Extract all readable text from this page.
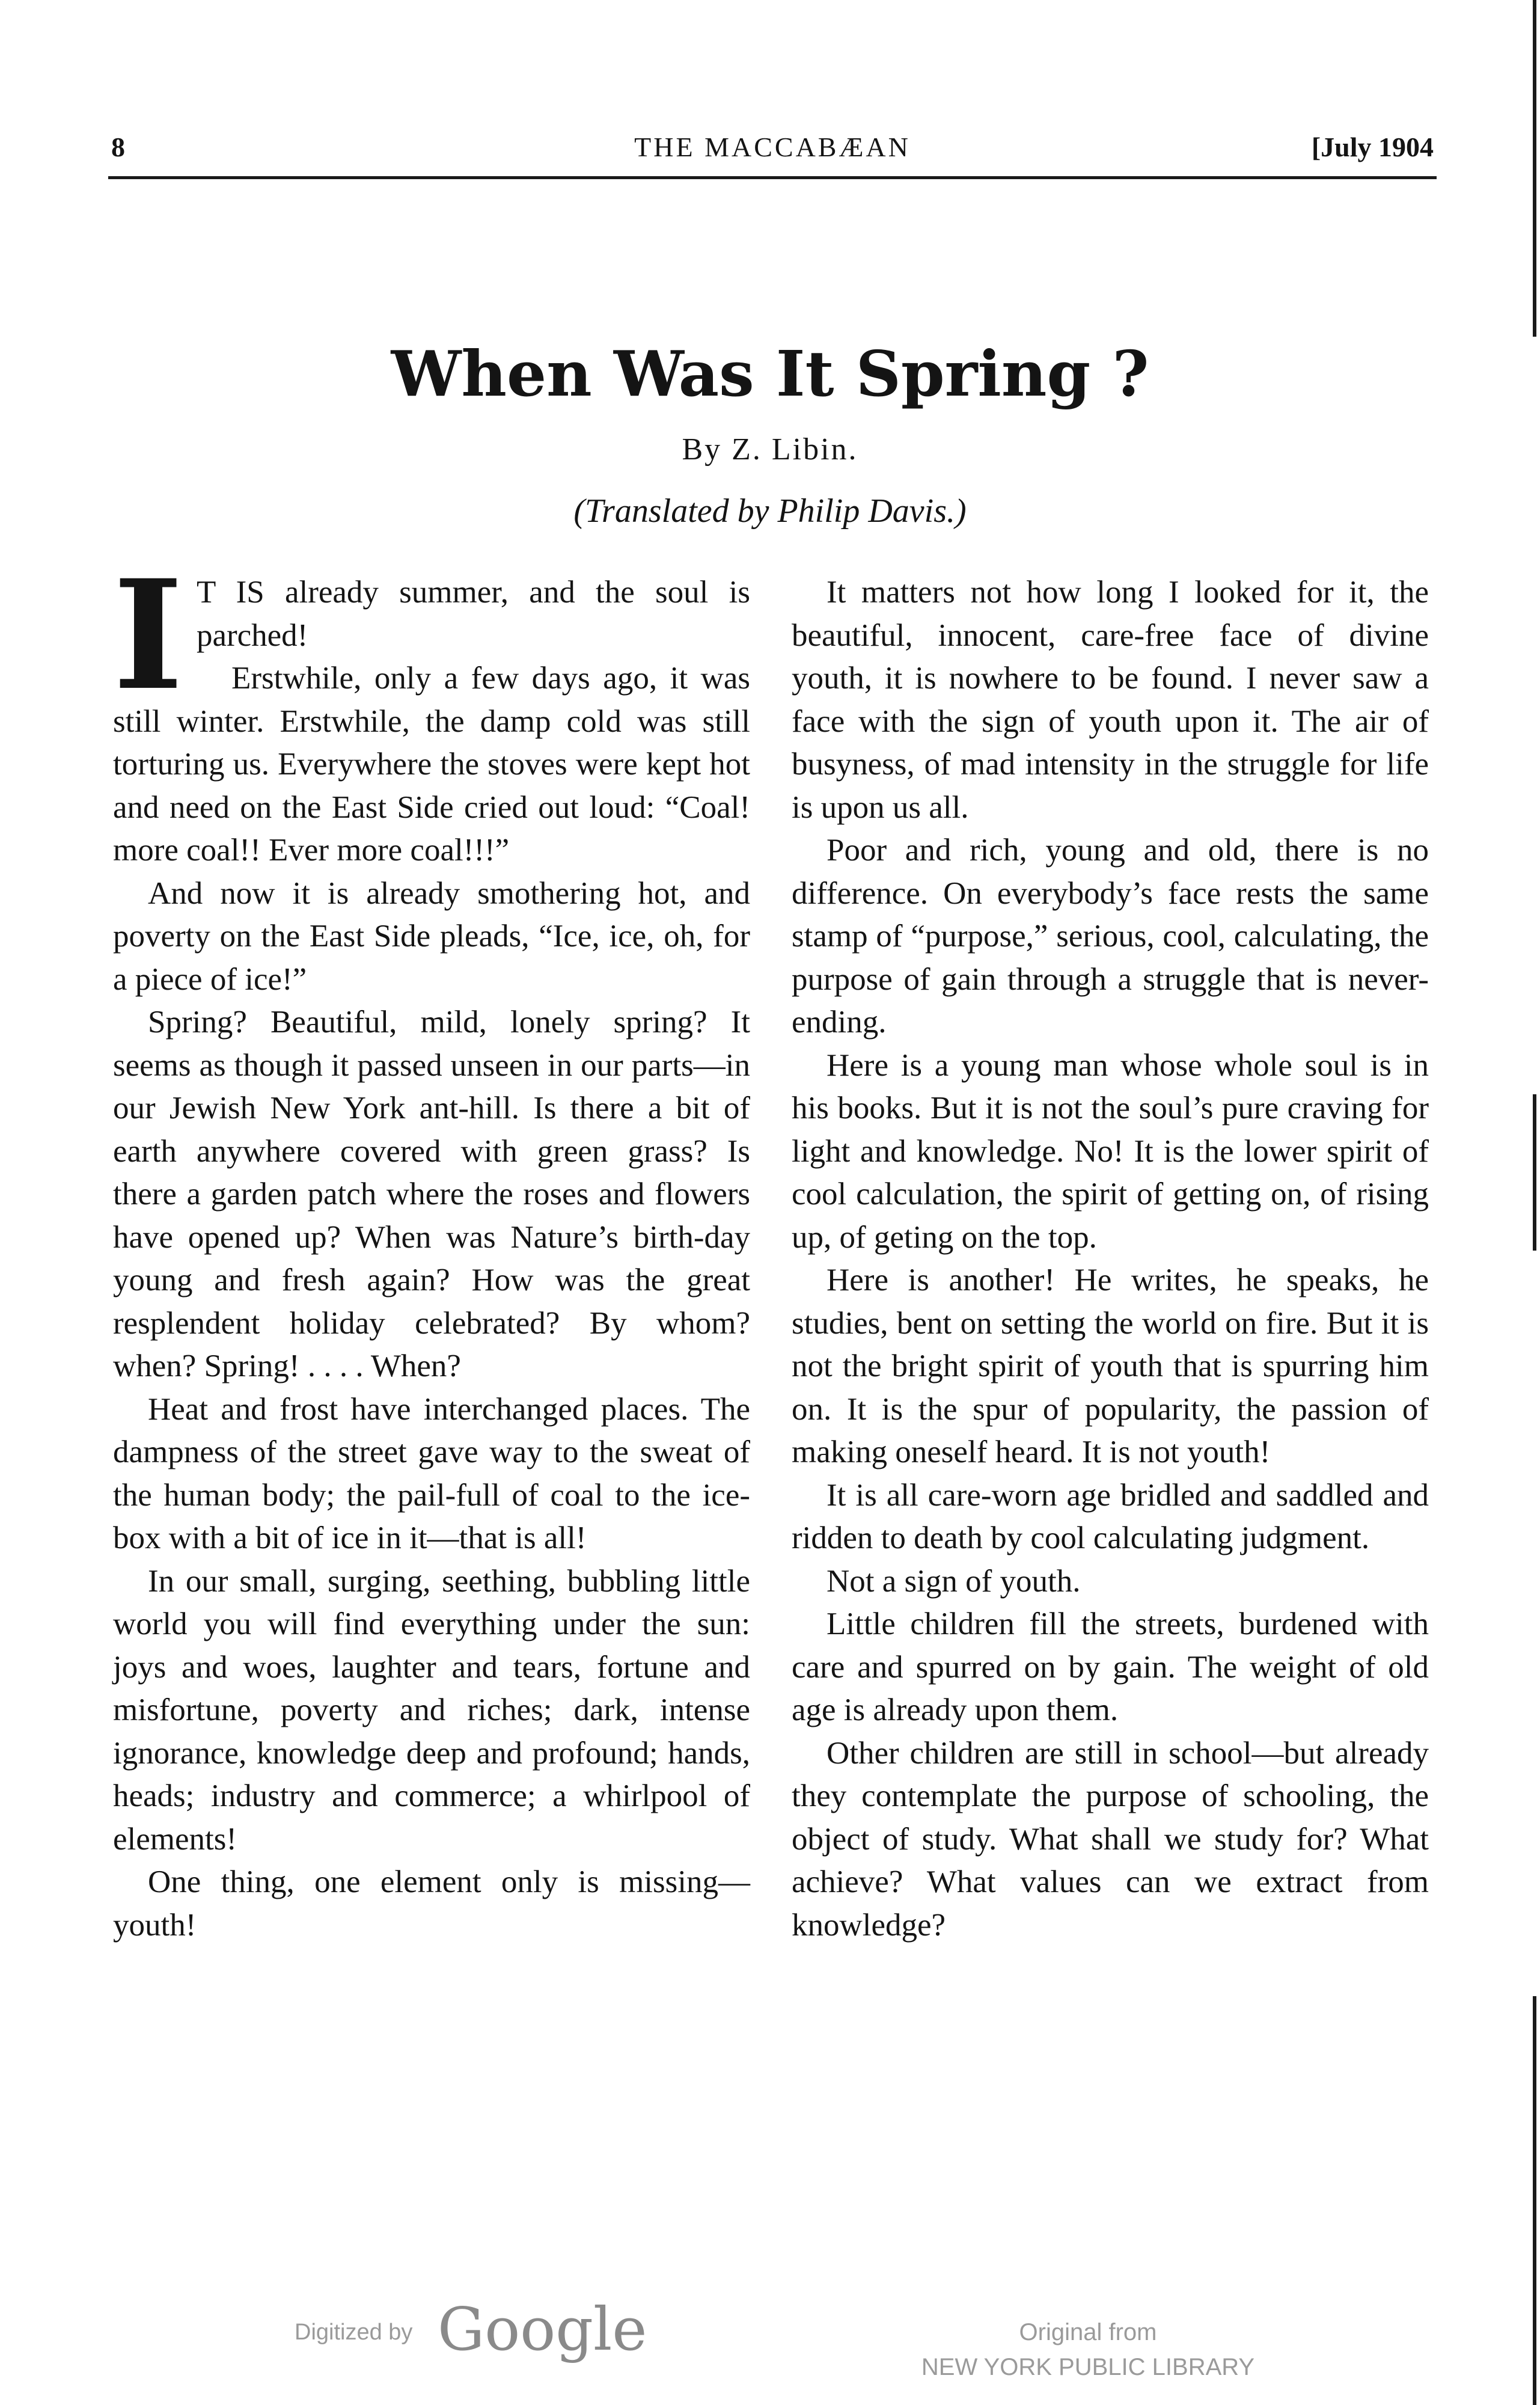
8	THE MACCABÆAN	[July 1904
When Was It Spring ?
By Z. Libin.
(Translated by Philip Davis.)

I T IS already summer, and the soul is parched!

Erstwhile, only a few days ago, it was still winter. Erstwhile, the damp cold was still torturing us. Everywhere the stoves were kept hot and need on the East Side cried out loud: “Coal! more coal!! Ever more coal!!!”

And now it is already smothering hot, and poverty on the East Side pleads, “Ice, ice, oh, for a piece of ice!”

Spring? Beautiful, mild, lonely spring? It seems as though it passed unseen in our parts—in our Jewish New York ant-hill. Is there a bit of earth anywhere covered with green grass? Is there a garden patch where the roses and flowers have opened up? When was Nature’s birth-day young and fresh again? How was the great resplendent holiday celebrated? By whom? when? Spring! . . . . When?

Heat and frost have interchanged places. The dampness of the street gave way to the sweat of the human body; the pail-full of coal to the ice-box with a bit of ice in it—that is all!

In our small, surging, seething, bubbling little world you will find everything under the sun: joys and woes, laughter and tears, fortune and misfortune, poverty and riches; dark, intense ignorance, knowledge deep and profound; hands, heads; industry and commerce; a whirlpool of elements!

One thing, one element only is missing—youth!

It matters not how long I looked for it, the beautiful, innocent, care-free face of divine youth, it is nowhere to be found. I never saw a face with the sign of youth upon it. The air of busyness, of mad intensity in the struggle for life is upon us all.

Poor and rich, young and old, there is no difference. On everybody’s face rests the same stamp of “purpose,” serious, cool, calculating, the purpose of gain through a struggle that is never-ending.

Here is a young man whose whole soul is in his books. But it is not the soul’s pure craving for light and knowledge. No! It is the lower spirit of cool calculation, the spirit of getting on, of rising up, of geting on the top.

Here is another! He writes, he speaks, he studies, bent on setting the world on fire. But it is not the bright spirit of youth that is spurring him on. It is the spur of popularity, the passion of making oneself heard. It is not youth!

It is all care-worn age bridled and saddled and ridden to death by cool calculating judgment.

Not a sign of youth.

Little children fill the streets, burdened with care and spurred on by gain. The weight of old age is already upon them.

Other children are still in school—but already they contemplate the purpose of schooling, the object of study. What shall we study for? What achieve? What values can we extract from knowledge?

Digitized by Google	Original from
NEW YORK PUBLIC LIBRARY
